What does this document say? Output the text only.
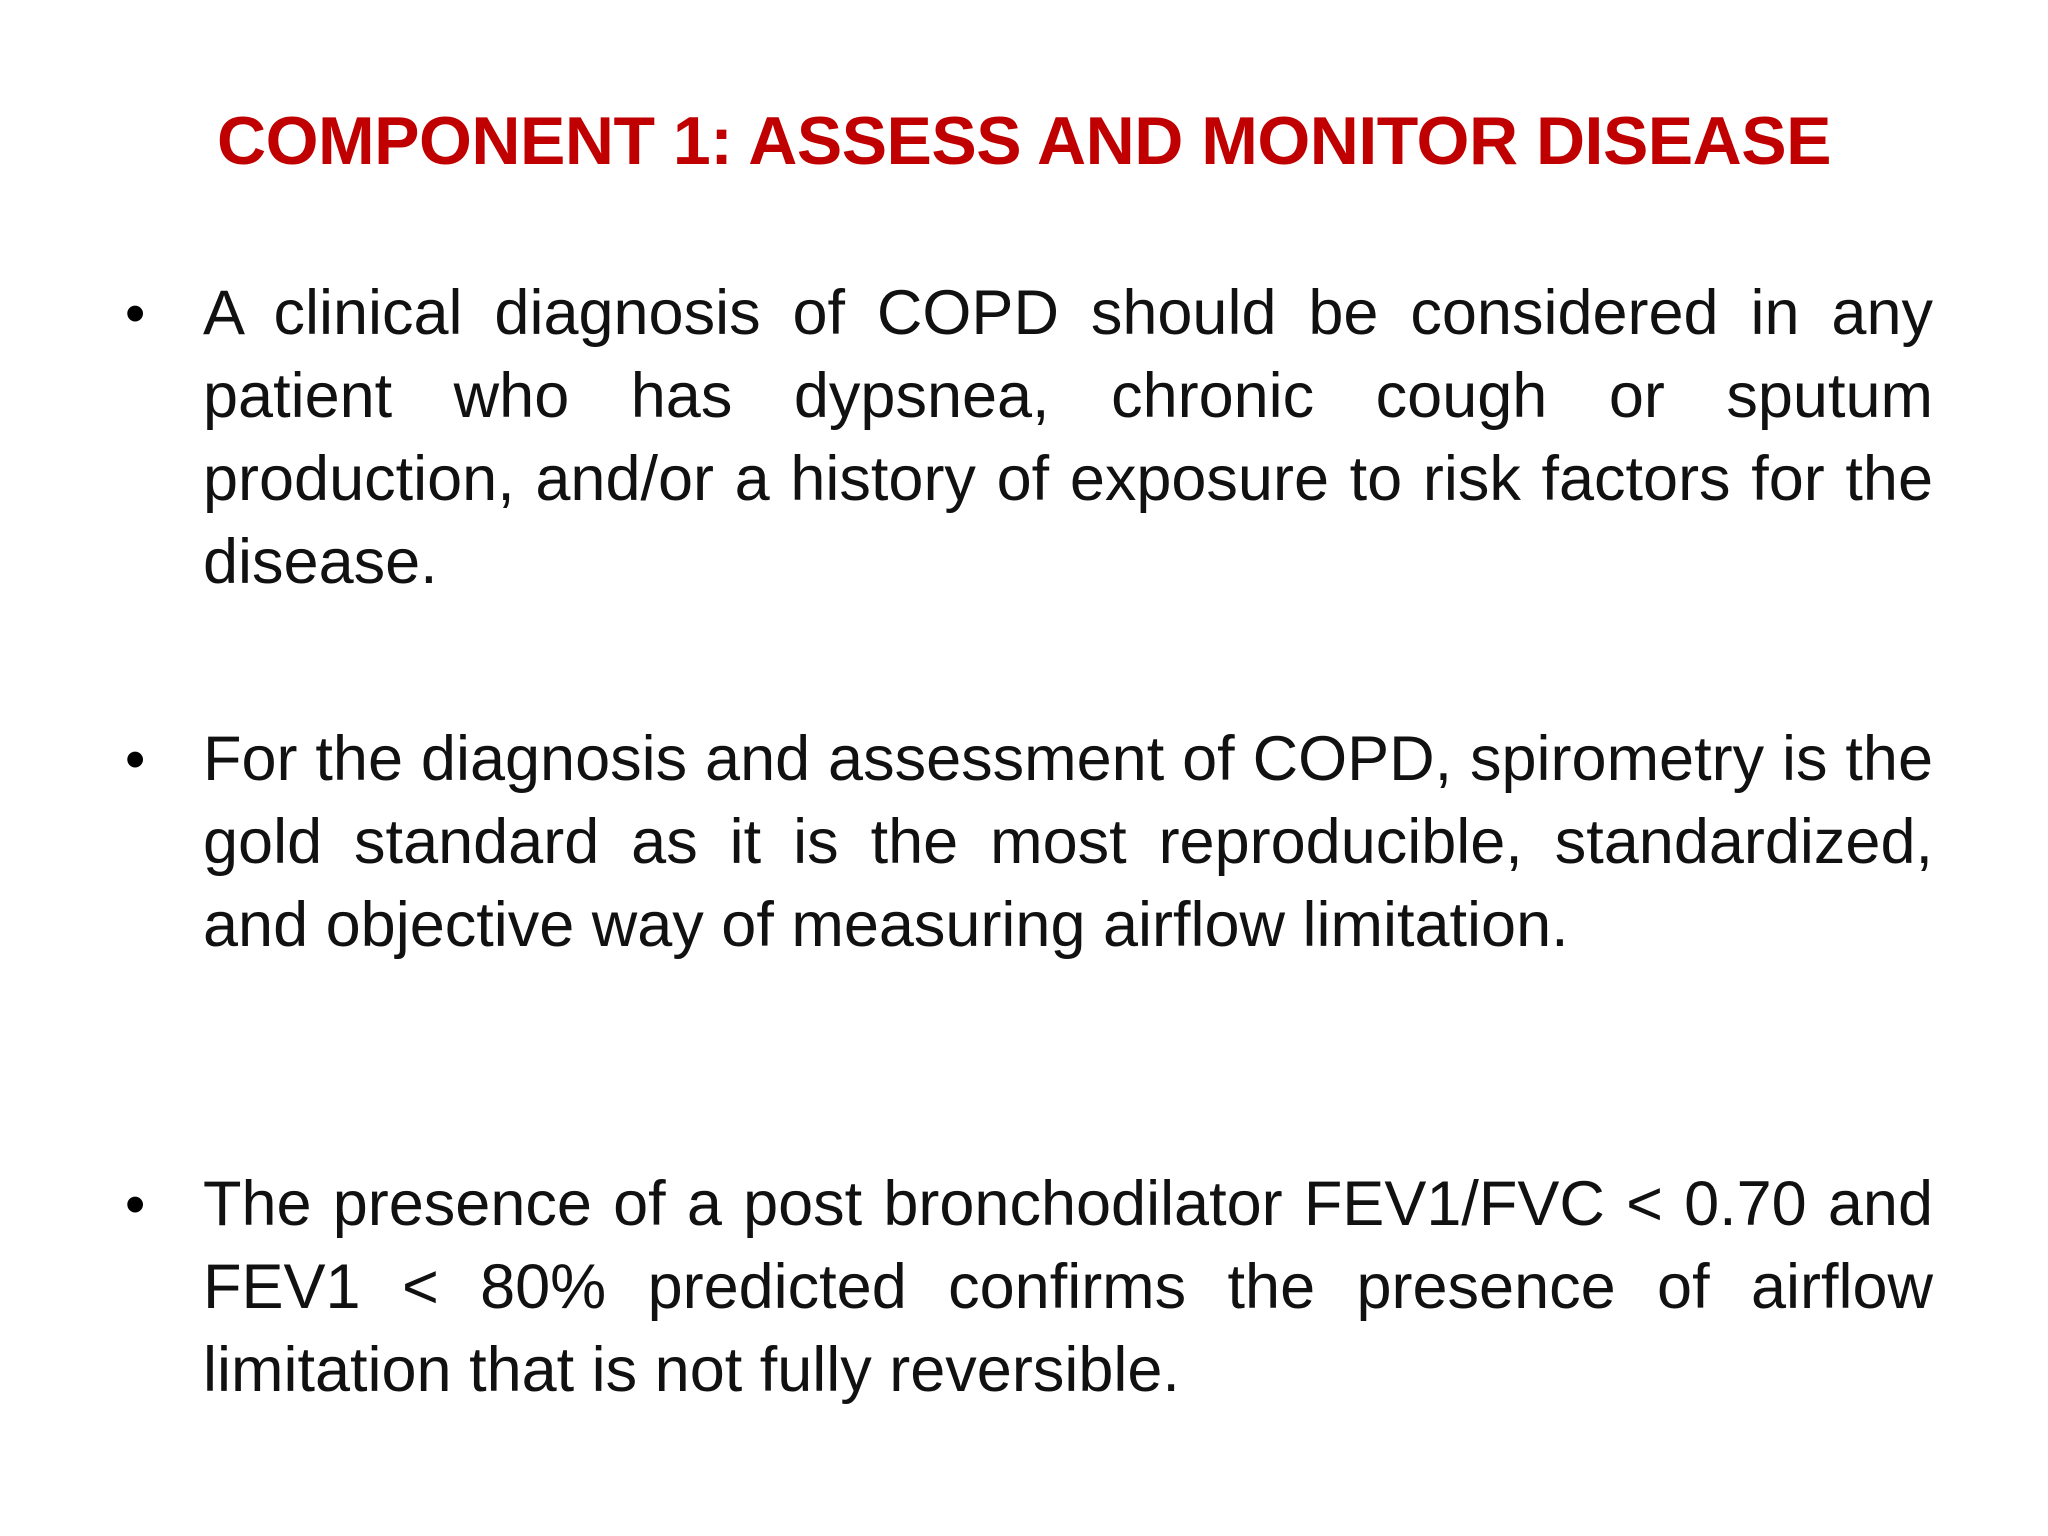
COMPONENT 1: ASSESS AND MONITOR DISEASE
• A clinical diagnosis of COPD should be considered in any patient who has dypsnea, chronic cough or sputum production, and/or a history of exposure to risk factors for the disease.

• For the diagnosis and assessment of COPD, spirometry is the gold standard as it is the most reproducible, standardized, and objective way of measuring airflow limitation.

• The presence of a post bronchodilator FEV1/FVC < 0.70 and FEV1 < 80% predicted confirms the presence of airflow limitation that is not fully reversible.
